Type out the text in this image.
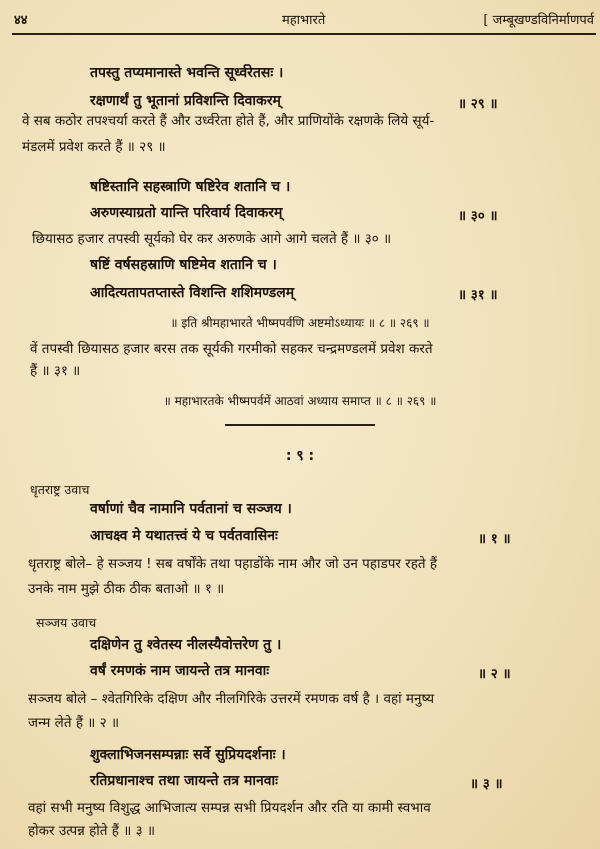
४४	महाभारते	[ जम्बूखण्डविनिर्माणपर्व
तपस्तु तप्यमानास्ते भवन्ति सूर्ध्वरेतसः ।
रक्षणार्थं तु भूतानां प्रविशन्ति दिवाकरम्	॥ २९ ॥
वे सब कठोर तपश्चर्या करते हैं और उर्ध्वरेता होते हैं, और प्राणियोंके रक्षणके लिये सूर्य-
मंडलमें प्रवेश करते हैं ॥ २९ ॥
षष्टिस्तानि सहस्त्राणि षष्टिरेव शतानि च ।
अरुणस्याग्रतो यान्ति परिवार्य दिवाकरम्	॥ ३० ॥
छियासठ हजार तपस्वी सूर्यको घेर कर अरुणके आगे आगे चलते हैं ॥ ३० ॥
षष्टिं वर्षसहस्राणि षष्टिमेव शतानि च ।
आदित्यतापतप्तास्ते विशन्ति शशिमण्डलम्	॥ ३१ ॥
॥ इति श्रीमहाभारते भीष्मपर्वणि अष्टमोऽध्यायः ॥ ८ ॥ २६९ ॥
वें तपस्वी छियासठ हजार बरस तक सूर्यकी गरमीको सहकर चन्द्रमण्डलमें प्रवेश करते
हैं ॥ ३१ ॥
॥ महाभारतके भीष्मपर्वमें आठवां अध्याय समाप्त ॥ ८ ॥ २६९ ॥
: ९ :
धृतराष्ट्र उवाच
वर्षाणां चैव नामानि पर्वतानां च सञ्जय ।
आचक्ष्व मे यथातत्त्वं ये च पर्वतवासिनः	॥ १ ॥
धृतराष्ट्र बोले– हे सञ्जय ! सब वर्षोंके तथा पहाडोंके नाम और जो उन पहाडपर रहते हैं
उनके नाम मुझे ठीक ठीक बताओ ॥ १ ॥
सञ्जय उवाच
दक्षिणेन तु श्वेतस्य नीलस्यैवोत्तरेण तु ।
वर्षं रमणकं नाम जायन्ते तत्र मानवाः	॥ २ ॥
सञ्जय बोले – श्वेतगिरिके दक्षिण और नीलगिरिके उत्तरमें रमणक वर्ष है । वहां मनुष्य
जन्म लेते हैं ॥ २ ॥
शुक्लाभिजनसम्पन्नाः सर्वे सुप्रियदर्शनाः ।
रतिप्रधानाश्च तथा जायन्ते तत्र मानवाः	॥ ३ ॥
वहां सभी मनुष्य विशुद्ध आभिजात्य सम्पन्न सभी प्रियदर्शन और रति या कामी स्वभाव
होकर उत्पन्न होते हैं ॥ ३ ॥
